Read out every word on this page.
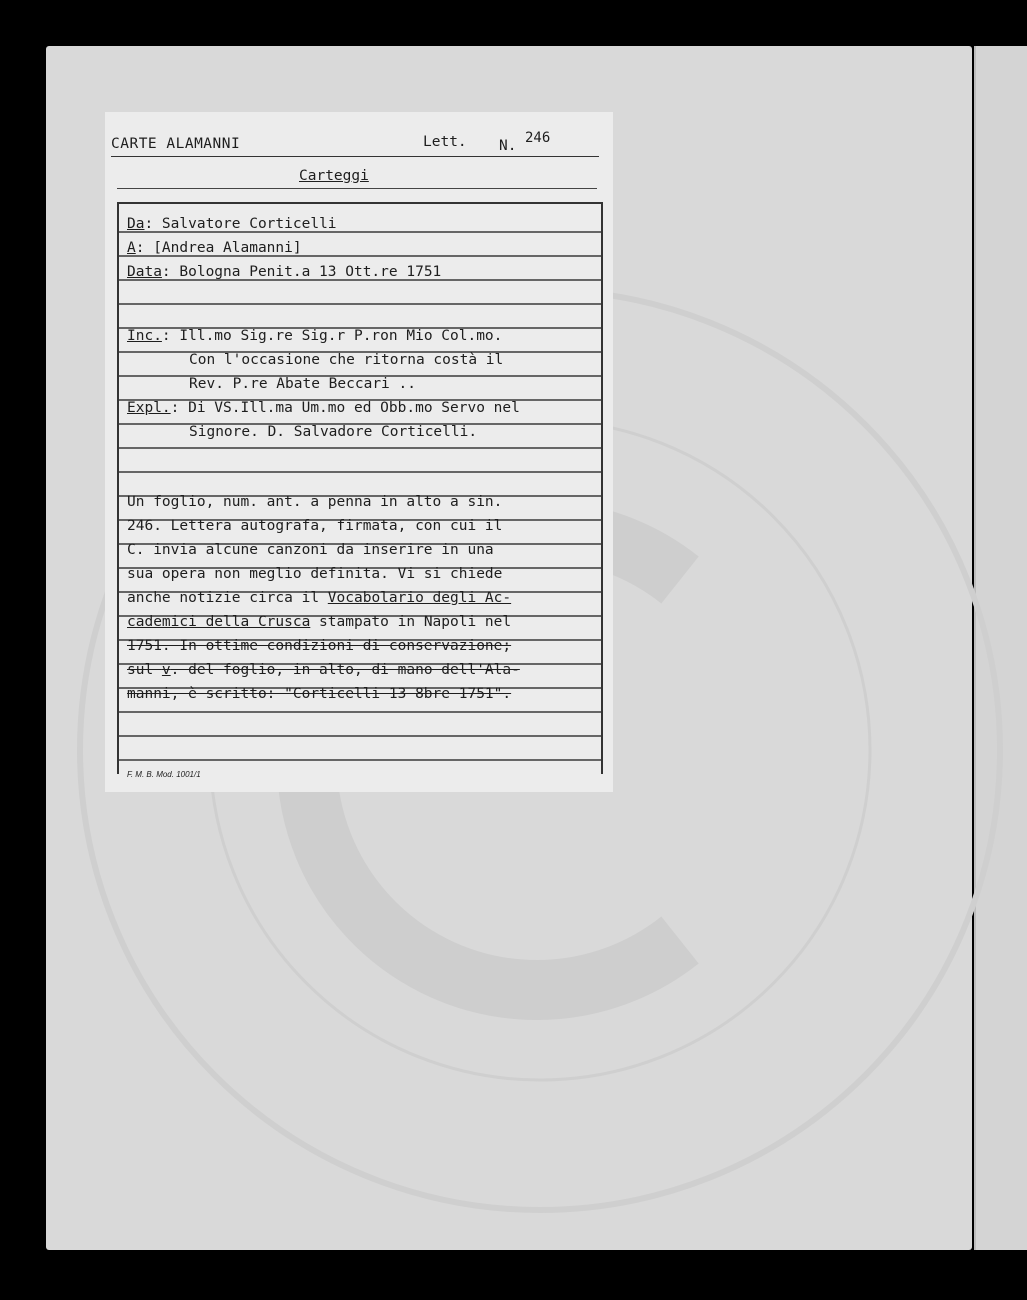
CARTE ALAMANNI	Lett. N. 246
Carteggi
Da: Salvatore Corticelli
A: [Andrea Alamanni]
Data: Bologna Penit.a 13 Ott.re 1751
Inc.: Ill.mo Sig.re Sig.r P.ron Mio Col.mo.
Con l'occasione che ritorna costà il
Rev. P.re Abate Beccari ..
Expl.: Di VS.Ill.ma Um.mo ed Obb.mo Servo nel
Signore. D. Salvadore Corticelli.
Un foglio, num. ant. a penna in alto a sin.
246. Lettera autografa, firmata, con cui il
C. invia alcune canzoni da inserire in una
sua opera non meglio definita. Vi si chiede
anche notizie circa il Vocabolario degli Ac-
cademici della Crusca stampato in Napoli nel
1751. In ottime condizioni di conservazione;
sul v. del foglio, in alto, di mano dell'Ala-
manni, è scritto: "Corticelli 13 8bre 1751".
F. M. B. Mod. 1001/1
